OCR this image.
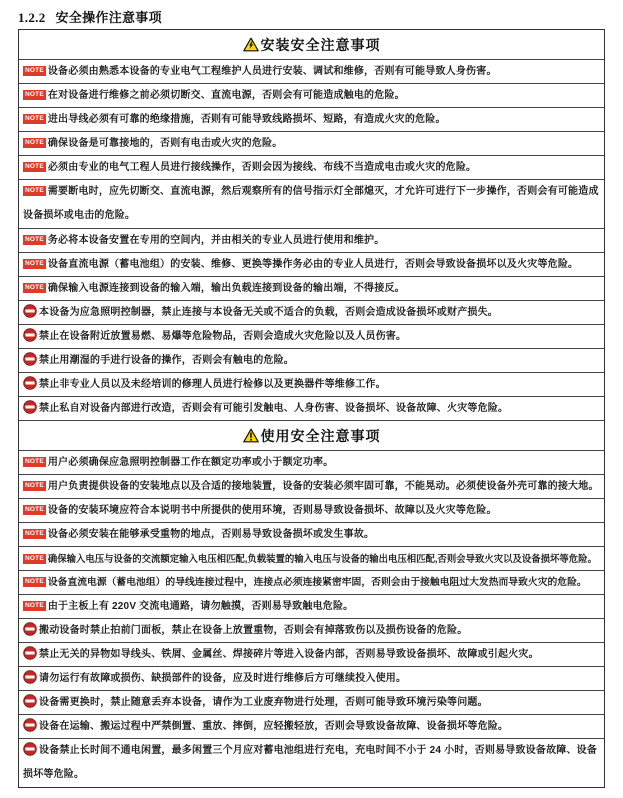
1.2.2 安全操作注意事项
安装安全注意事项

NOTE 设备必须由熟悉本设备的专业电气工程维护人员进行安装、调试和维修，否则有可能导致人身伤害。

NOTE 在对设备进行维修之前必须切断交、直流电源，否则会有可能造成触电的危险。

NOTE 进出导线必须有可靠的绝缘措施，否则有可能导致线路损坏、短路，有造成火灾的危险。

NOTE 确保设备是可靠接地的，否则有电击或火灾的危险。

NOTE 必须由专业的电气工程人员进行接线操作，否则会因为接线、布线不当造成电击或火灾的危险。

NOTE 需要断电时，应先切断交、直流电源，然后观察所有的信号指示灯全部熄灭，才允许可进行下一步操作，否则会有可能造成设备损坏或电击的危险。

NOTE 务必将本设备安置在专用的空间内，并由相关的专业人员进行使用和维护。

NOTE 设备直流电源（蓄电池组）的安装、维修、更换等操作务必由的专业人员进行，否则会导致设备损坏以及火灾等危险。

NOTE 确保输入电源连接到设备的输入端，输出负载连接到设备的输出端，不得接反。

本设备为应急照明控制器，禁止连接与本设备无关或不适合的负载，否则会造成设备损坏或财产损失。

禁止在设备附近放置易燃、易爆等危险物品，否则会造成火灾危险以及人员伤害。

禁止用潮湿的手进行设备的操作，否则会有触电的危险。

禁止非专业人员以及未经培训的修理人员进行检修以及更换器件等维修工作。

禁止私自对设备内部进行改造，否则会有可能引发触电、人身伤害、设备损坏、设备故障、火灾等危险。

使用安全注意事项

NOTE 用户必须确保应急照明控制器工作在额定功率或小于额定功率。

NOTE 用户负责提供设备的安装地点以及合适的接地装置，设备的安装必须牢固可靠，不能晃动。必须使设备外壳可靠的接大地。

NOTE 设备的安装环境应符合本说明书中所提供的使用环境，否则易导致设备损坏、故障以及火灾等危险。

NOTE 设备必须安装在能够承受重物的地点，否则易导致设备损坏或发生事故。

NOTE 确保输入电压与设备的交流额定输入电压相匹配,负载装置的输入电压与设备的输出电压相匹配,否则会导致火灾以及设备损坏等危险。

NOTE 设备直流电源（蓄电池组）的导线连接过程中，连接点必须连接紧密牢固，否则会由于接触电阻过大发热而导致火灾的危险。

NOTE 由于主板上有 220V 交流电通路，请勿触摸，否则易导致触电危险。

搬动设备时禁止拍前门面板，禁止在设备上放置重物，否则会有掉落致伤以及损伤设备的危险。

禁止无关的异物如导线头、铁屑、金属丝、焊接碎片等进入设备内部，否则易导致设备损坏、故障或引起火灾。

请勿运行有故障或损伤、缺损部件的设备，应及时进行维修后方可继续投入使用。

设备需更换时，禁止随意丢弃本设备，请作为工业废弃物进行处理，否则可能导致环境污染等问题。

设备在运输、搬运过程中严禁倒置、重放、摔倒，应轻搬轻放，否则会导致设备故障、设备损坏等危险。

设备禁止长时间不通电闲置，最多闲置三个月应对蓄电池组进行充电，充电时间不小于 24 小时，否则易导致设备故障、设备损坏等危险。
